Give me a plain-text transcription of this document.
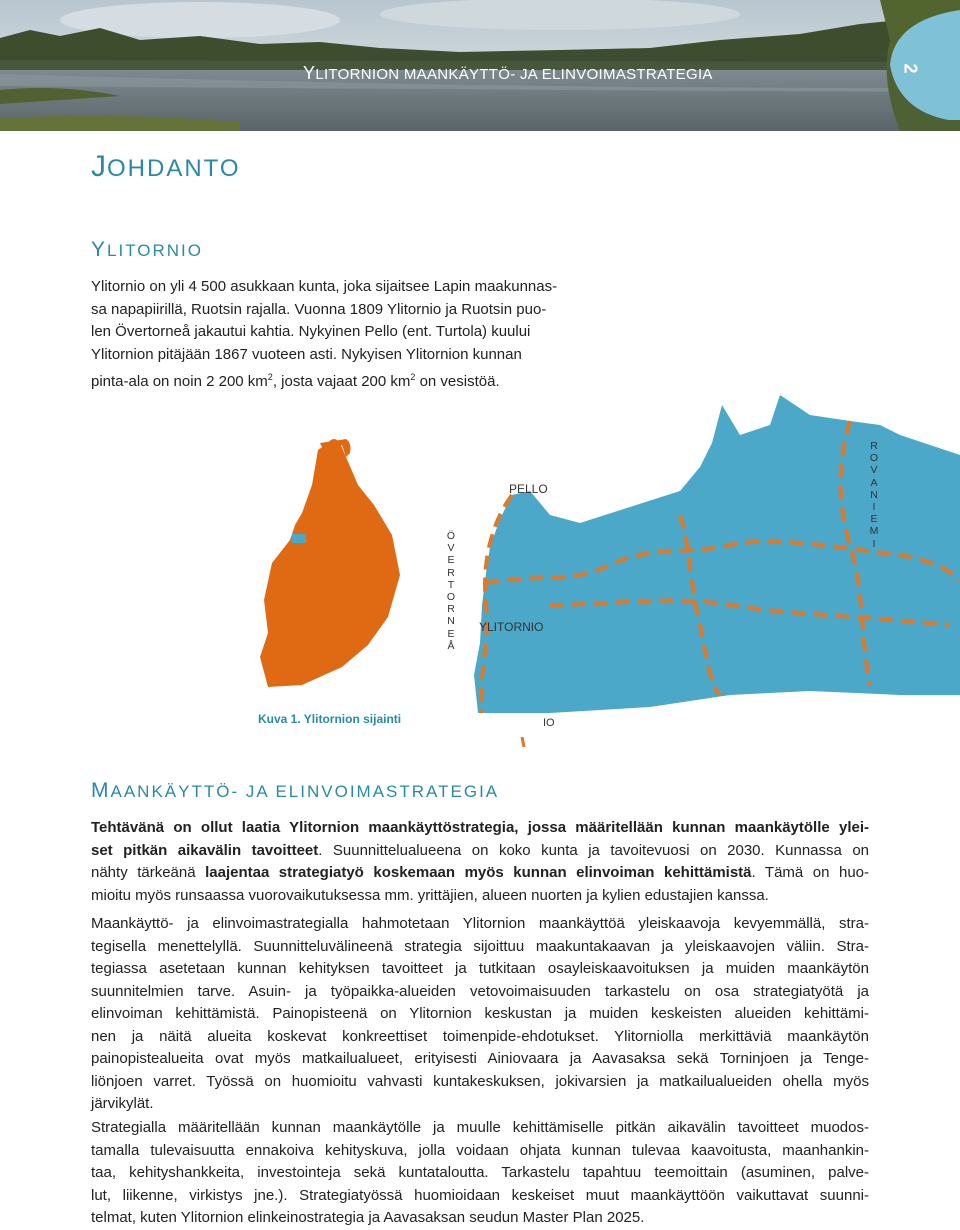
YLITORNION MAANKÄYTTÖ- JA ELINVOIMASTRATEGIA	2
JOHDANTO
YLITORNIO
Ylitornio on yli 4 500 asukkaan kunta, joka sijaitsee Lapin maakunnas-
sa napapiirillä, Ruotsin rajalla. Vuonna 1809 Ylitornio ja Ruotsin puo-
len Övertorneå jakautui kahtia. Nykyinen Pello (ent. Turtola) kuului
Ylitornion pitäjään 1867 vuoteen asti. Nykyisen Ylitornion kunnan
pinta-ala on noin 2 200 $km^2$, josta vajaat 200 $km^2$ on vesistöä.
PELLO
YLITORNIO
Ö
V
E
R
T
O
R
N
E
Å
R
O
V
A
N
I
E
M
I
IO
Kuva 1. Ylitornion sijainti
MAANKÄYTTÖ- JA ELINVOIMASTRATEGIA
Tehtävänä on ollut laatia Ylitornion maankäyttöstrategia, jossa määritellään kunnan maankäytölle ylei-
set pitkän aikavälin tavoitteet. Suunnittelualueena on koko kunta ja tavoitevuosi on 2030. Kunnassa on
nähty tärkeänä laajentaa strategiatyö koskemaan myös kunnan elinvoiman kehittämistä. Tämä on huo-
mioitu myös runsaassa vuorovaikutuksessa mm. yrittäjien, alueen nuorten ja kylien edustajien kanssa.
Maankäyttö- ja elinvoimastrategialla hahmotetaan Ylitornion maankäyttöä yleiskaavoja kevyemmällä, stra-
tegisella menettelyllä. Suunnitteluvälineenä strategia sijoittuu maakuntakaavan ja yleiskaavojen väliin. Stra-
tegiassa asetetaan kunnan kehityksen tavoitteet ja tutkitaan osayleiskaavoituksen ja muiden maankäytön
suunnitelmien tarve. Asuin- ja työpaikka-alueiden vetovoimaisuuden tarkastelu on osa strategiatyötä ja
elinvoiman kehittämistä. Painopisteenä on Ylitornion keskustan ja muiden keskeisten alueiden kehittämi-
nen ja näitä alueita koskevat konkreettiset toimenpide-ehdotukset. Ylitorniolla merkittäviä maankäytön
painopistealueita ovat myös matkailualueet, erityisesti Ainiovaara ja Aavasaksa sekä Torninjoen ja Tenge-
liönjoen varret. Työssä on huomioitu vahvasti kuntakeskuksen, jokivarsien ja matkailualueiden ohella myös
järvikylät.
Strategialla määritellään kunnan maankäytölle ja muulle kehittämiselle pitkän aikavälin tavoitteet muodos-
tamalla tulevaisuutta ennakoiva kehityskuva, jolla voidaan ohjata kunnan tulevaa kaavoitusta, maanhankin-
taa, kehityshankkeita, investointeja sekä kuntataloutta. Tarkastelu tapahtuu teemoittain (asuminen, palve-
lut, liikenne, virkistys jne.). Strategiatyössä huomioidaan keskeiset muut maankäyttöön vaikuttavat suunni-
telmat, kuten Ylitornion elinkeinostrategia ja Aavasaksan seudun Master Plan 2025.
